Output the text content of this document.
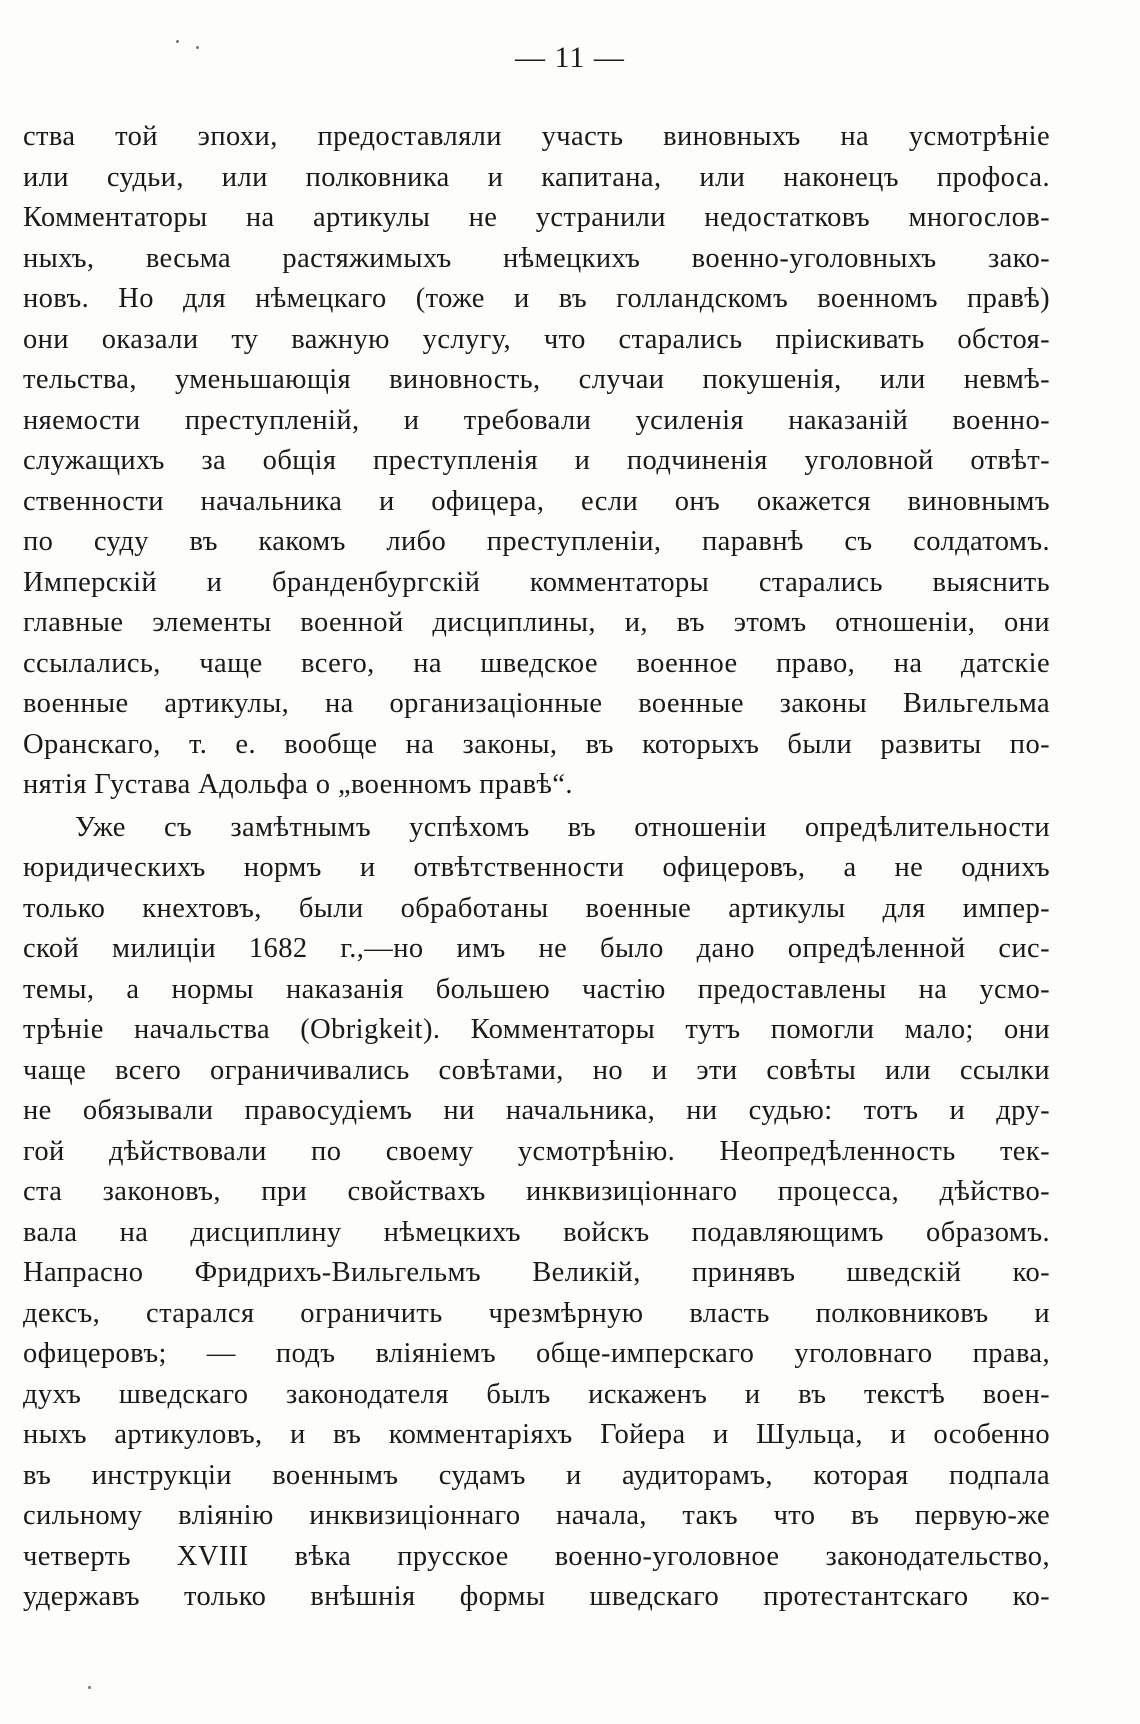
— 11 —
ства той эпохи, предоставляли участь виновныхъ на усмотрѣніе
или судьи, или полковника и капитана, или наконецъ профоса.
Комментаторы на артикулы не устранили недостатковъ многослов-
ныхъ, весьма растяжимыхъ нѣмецкихъ военно-уголовныхъ зако-
новъ. Но для нѣмецкаго (тоже и въ голландскомъ военномъ правѣ)
они оказали ту важную услугу, что старались пріискивать обстоя-
тельства, уменьшающія виновность, случаи покушенія, или невмѣ-
няемости преступленій, и требовали усиленія наказаній военно-
служащихъ за общія преступленія и подчиненія уголовной отвѣт-
ственности начальника и офицера, если онъ окажется виновнымъ
по суду въ какомъ либо преступленіи, паравнѣ съ солдатомъ.
Имперскій и бранденбургскій комментаторы старались выяснить
главные элементы военной дисциплины, и, въ этомъ отношеніи, они
ссылались, чаще всего, на шведское военное право, на датскіе
военные артикулы, на организаціонные военные законы Вильгельма
Оранскаго, т. е. вообще на законы, въ которыхъ были развиты по-
нятія Густава Адольфа о „военномъ правѣ“.
Уже съ замѣтнымъ успѣхомъ въ отношеніи опредѣлительности
юридическихъ нормъ и отвѣтственности офицеровъ, а не однихъ
только кнехтовъ, были обработаны военные артикулы для импер-
ской милиціи 1682 г.,—но имъ не было дано опредѣленной сис-
темы, а нормы наказанія большею частію предоставлены на усмо-
трѣніе начальства (Obrigkeit). Комментаторы тутъ помогли мало; они
чаще всего ограничивались совѣтами, но и эти совѣты или ссылки
не обязывали правосудіемъ ни начальника, ни судью: тотъ и дру-
гой дѣйствовали по своему усмотрѣнію. Неопредѣленность тек-
ста законовъ, при свойствахъ инквизиціоннаго процесса, дѣйство-
вала на дисциплину нѣмецкихъ войскъ подавляющимъ образомъ.
Напрасно Фридрихъ-Вильгельмъ Великій, принявъ шведскій ко-
дексъ, старался ограничить чрезмѣрную власть полковниковъ и
офицеровъ; — подъ вліяніемъ обще-имперскаго уголовнаго права,
духъ шведскаго законодателя былъ искаженъ и въ текстѣ воен-
ныхъ артикуловъ, и въ комментаріяхъ Гойера и Шульца, и особенно
въ инструкціи военнымъ судамъ и аудиторамъ, которая подпала
сильному вліянію инквизиціоннаго начала, такъ что въ первую-же
четверть XVIII вѣка прусское военно-уголовное законодательство,
удержавъ только внѣшнія формы шведскаго протестантскаго ко-
